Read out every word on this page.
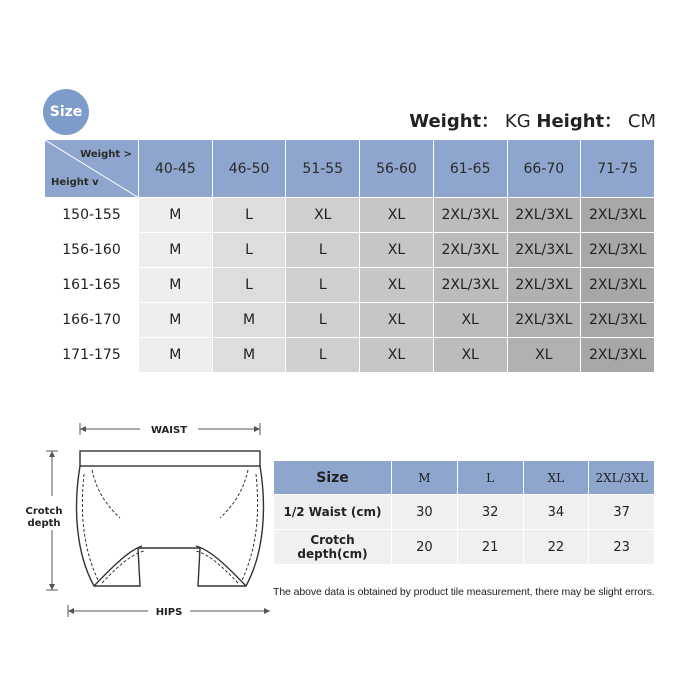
Size	Weight： KG Height： CM
Weight >
Height v	40-45	46-50	51-55	56-60	61-65	66-70	71-75
150-155	M	L	XL	XL	2XL/3XL	2XL/3XL	2XL/3XL
156-160	M	L	L	XL	2XL/3XL	2XL/3XL	2XL/3XL
161-165	M	L	L	XL	2XL/3XL	2XL/3XL	2XL/3XL
166-170	M	M	L	XL	XL	2XL/3XL	2XL/3XL
171-175	M	M	L	XL	XL	XL	2XL/3XL
WAIST
Crotch
depth
HIPS
Size	M	L	XL	2XL/3XL
1/2 Waist (cm)	30	32	34	37
Crotch depth(cm)	20	21	22	23
The above data is obtained by product tile measurement, there may be slight errors.
